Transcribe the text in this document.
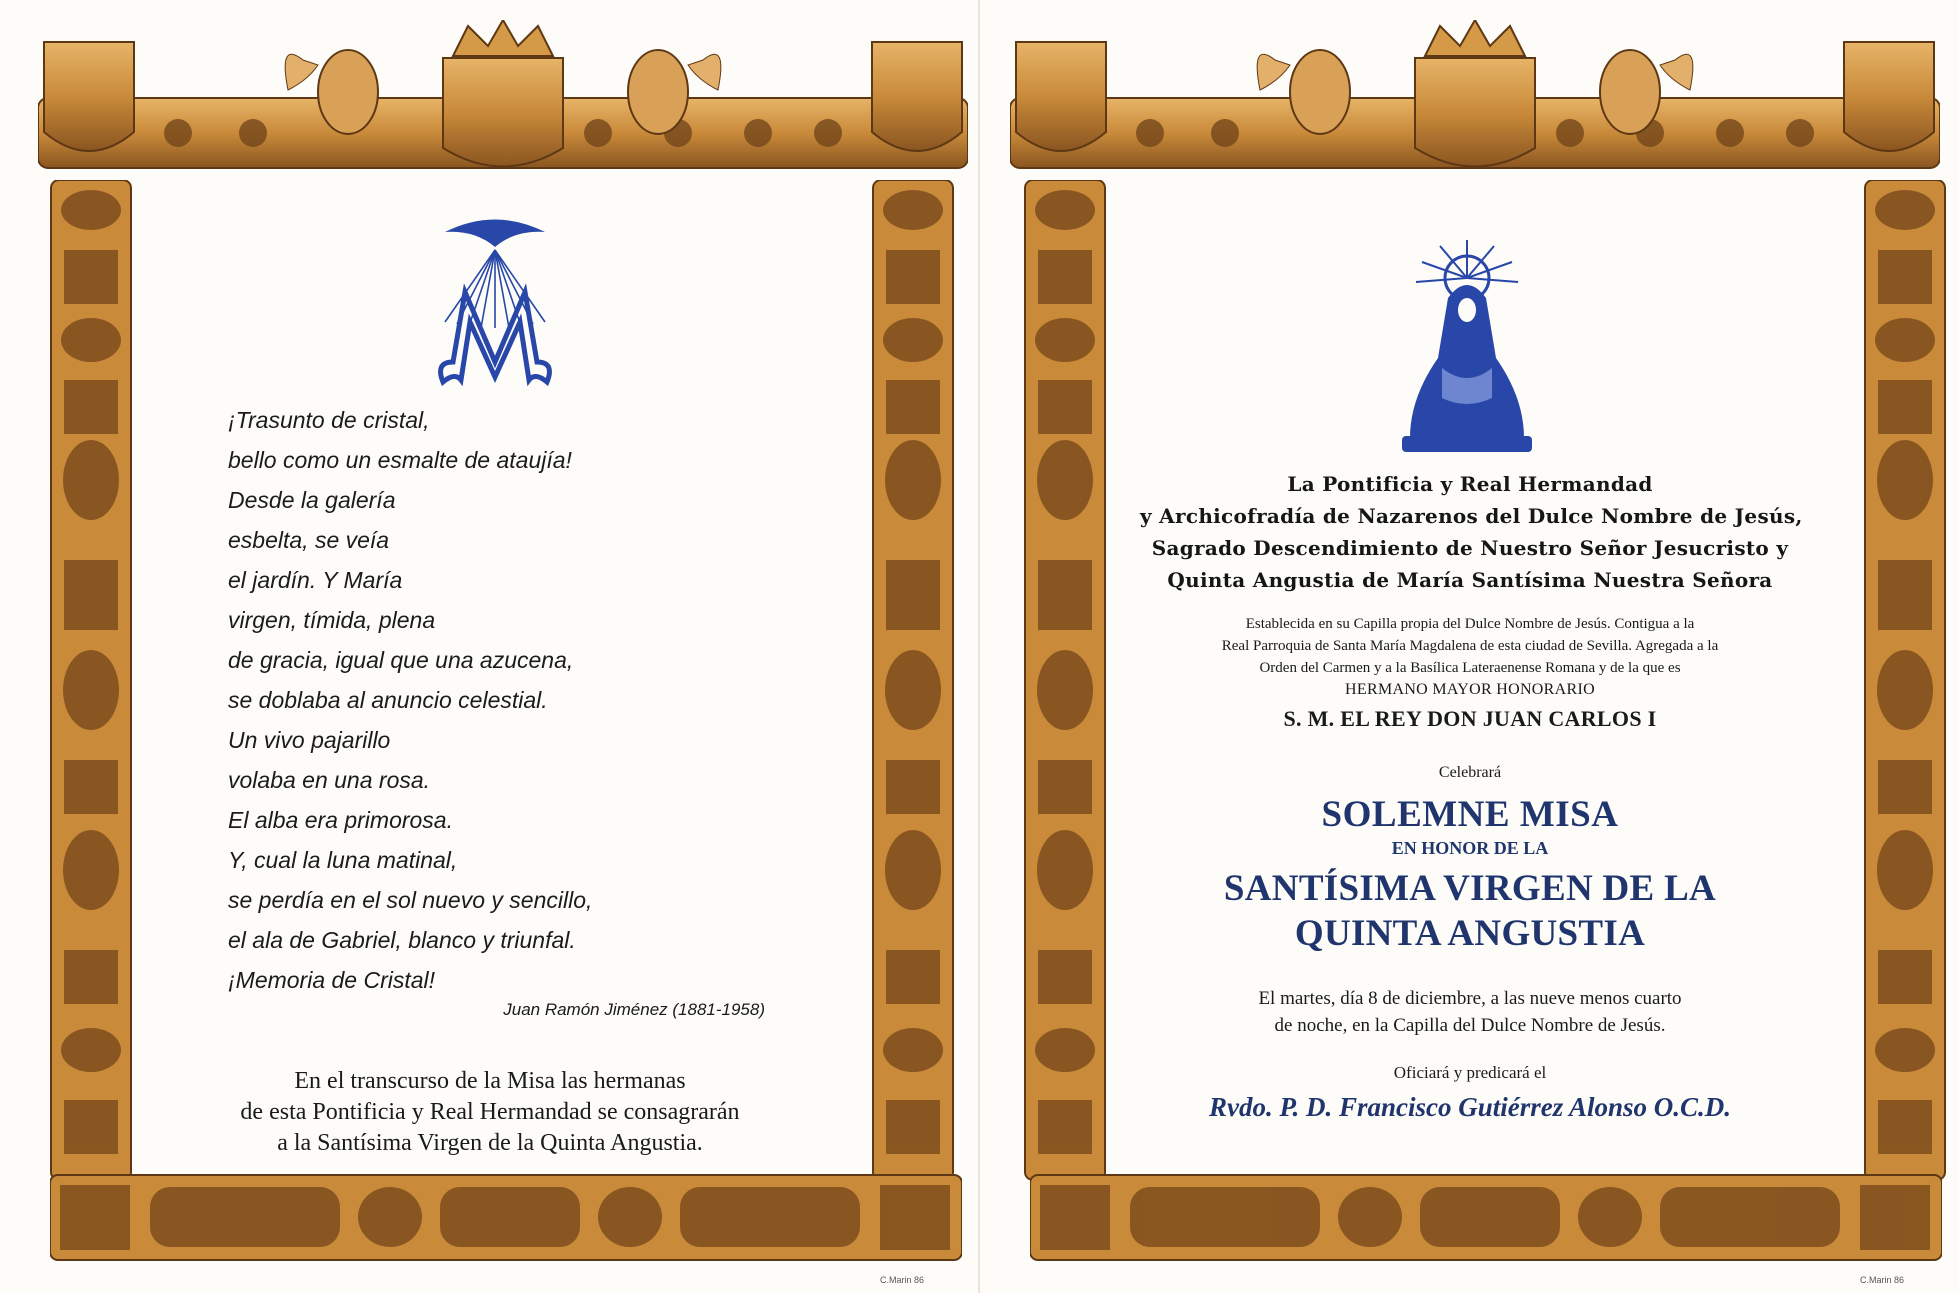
¡Trasunto de cristal,
bello como un esmalte de ataujía!
Desde la galería
esbelta, se veía
el jardín. Y María
virgen, tímida, plena
de gracia, igual que una azucena,
se doblaba al anuncio celestial.
Un vivo pajarillo
volaba en una rosa.
El alba era primorosa.
Y, cual la luna matinal,
se perdía en el sol nuevo y sencillo,
el ala de Gabriel, blanco y triunfal.
¡Memoria de Cristal!
Juan Ramón Jiménez (1881-1958)
En el transcurso de la Misa las hermanas
de esta Pontificia y Real Hermandad se consagrarán
a la Santísima Virgen de la Quinta Angustia.
C.Marin 86
La Pontificia y Real Hermandad
y Archicofradía de Nazarenos del Dulce Nombre de Jesús,
Sagrado Descendimiento de Nuestro Señor Jesucristo y
Quinta Angustia de María Santísima Nuestra Señora
Establecida en su Capilla propia del Dulce Nombre de Jesús. Contigua a la
Real Parroquia de Santa María Magdalena de esta ciudad de Sevilla. Agregada a la
Orden del Carmen y a la Basílica Lateraenense Romana y de la que es
HERMANO MAYOR HONORARIO
S. M. EL REY DON JUAN CARLOS I
Celebrará
SOLEMNE MISA
EN HONOR DE LA
SANTÍSIMA VIRGEN DE LA
QUINTA ANGUSTIA
El martes, día 8 de diciembre, a las nueve menos cuarto
de noche, en la Capilla del Dulce Nombre de Jesús.
Oficiará y predicará el
Rvdo. P. D. Francisco Gutiérrez Alonso O.C.D.
C.Marin 86
